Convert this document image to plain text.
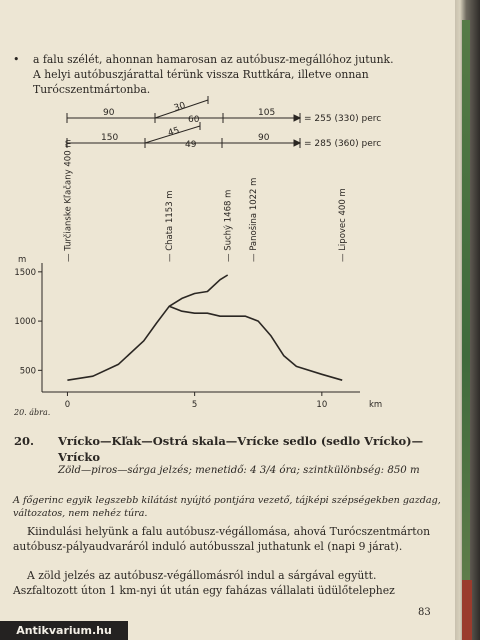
• a falu szélét, ahonnan hamarosan az autóbusz-megállóhoz jutunk.

A helyi autóbuszjárattal térünk vissza Ruttkára, illetve onnan Turócszentmártonba.

90	30
60
105
= 255 (330) perc
150	45
49
90
= 285 (360) perc
1500
1000
500
m
0	5	10	km
— Turčianske Kľačany 400 m	— Chata 1153 m	— Suchý 1468 m — Panošina 1022 m	— Lipovec 400 m

20. ábra.

20. Vrícko—Kľak—Ostrá skala—Vrícke sedlo (sedlo Vrícko)—Vrícko

Zöld—piros—sárga jelzés; menetidő: 4 3/4 óra; szintkülönbség: 850 m

A főgerinc egyik legszebb kilátást nyújtó pontjára vezető, tájképi szépségekben gazdag, változatos, nem nehéz túra.

Kiindulási helyünk a falu autóbusz-végállomása, ahová Turócszentmárton autóbusz-pályaudvaráról induló autóbusszal juthatunk el (napi 9 járat).

A zöld jelzés az autóbusz-végállomásról indul a sárgával együtt. Aszfaltozott úton 1 km-nyi út után egy faházas vállalati üdülőtelephez

83

Antikvarium.hu
